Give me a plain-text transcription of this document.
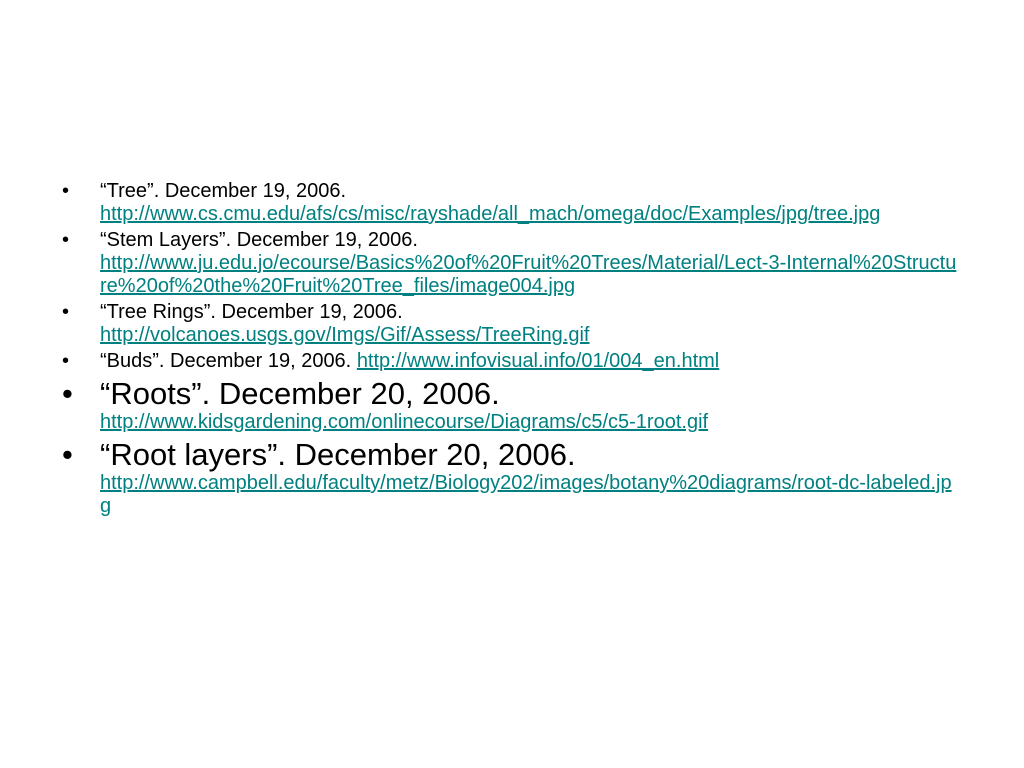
• “Tree”. December 19, 2006.
http://www.cs.cmu.edu/afs/cs/misc/rayshade/all_mach/omega/doc/Examples/jpg/tree.jpg
• “Stem Layers”. December 19, 2006.
http://www.ju.edu.jo/ecourse/Basics%20of%20Fruit%20Trees/Material/Lect-3-Internal%20Structure%20of%20the%20Fruit%20Tree_files/image004.jpg
• “Tree Rings”. December 19, 2006.
http://volcanoes.usgs.gov/Imgs/Gif/Assess/TreeRing.gif
• “Buds”. December 19, 2006. http://www.infovisual.info/01/004_en.html
• “Roots”. December 20, 2006.
http://www.kidsgardening.com/onlinecourse/Diagrams/c5/c5-1root.gif
• “Root layers”. December 20, 2006.
http://www.campbell.edu/faculty/metz/Biology202/images/botany%20diagrams/root-dc-labeled.jpg
